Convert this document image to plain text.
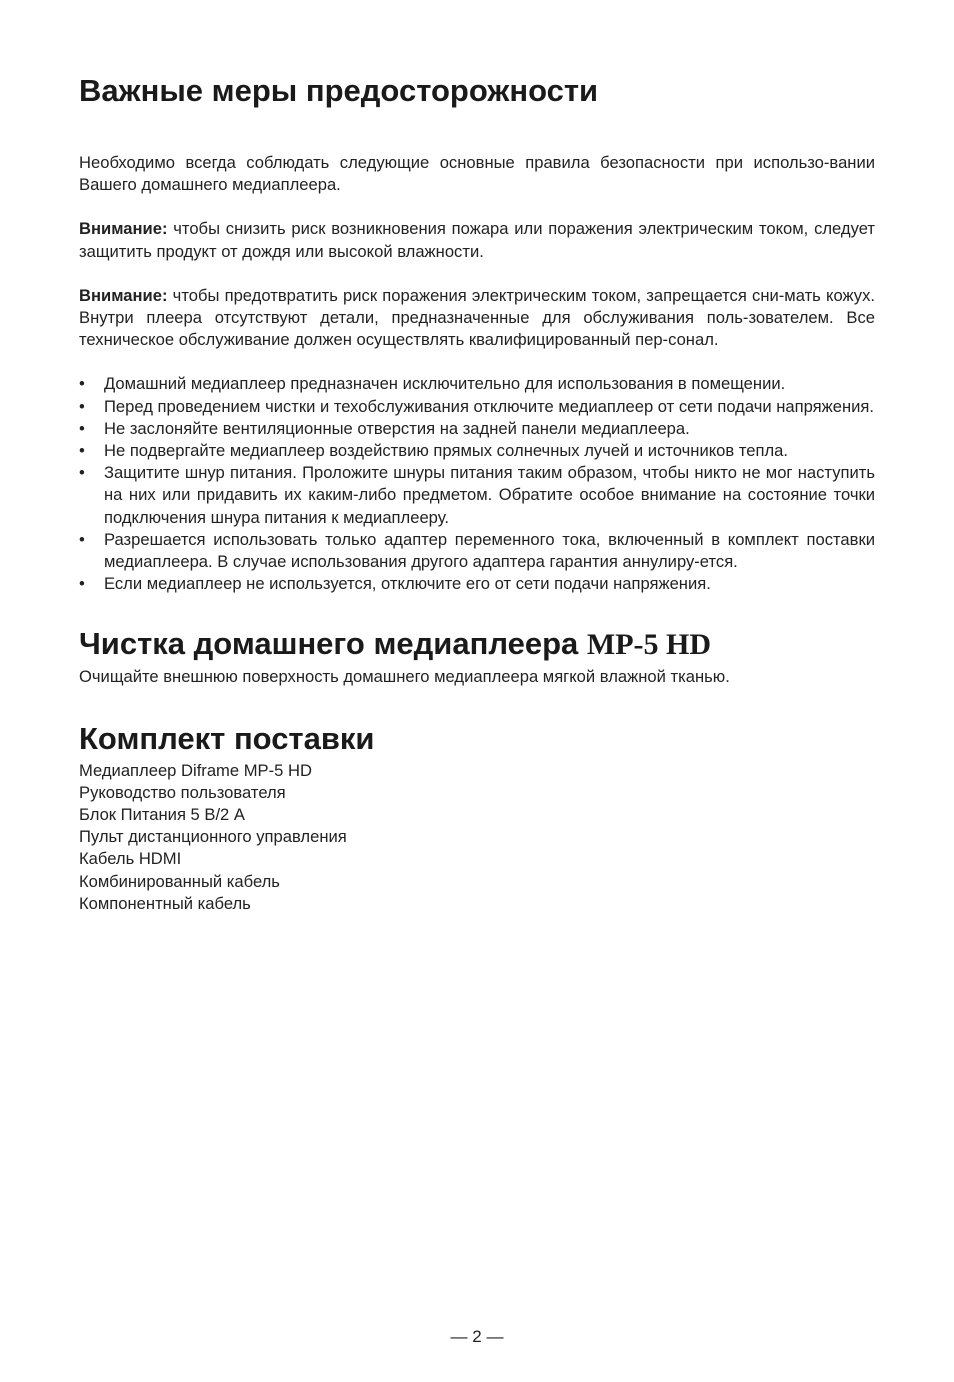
Важные меры предосторожности

Необходимо всегда соблюдать следующие основные правила безопасности при использо-вании Вашего домашнего медиаплеера.

Внимание: чтобы снизить риск возникновения пожара или поражения электрическим током, следует защитить продукт от дождя или высокой влажности.

Внимание: чтобы предотвратить риск поражения электрическим током, запрещается сни-мать кожух. Внутри плеера отсутствуют детали, предназначенные для обслуживания поль-зователем. Все техническое обслуживание должен осуществлять квалифицированный пер-сонал.

• Домашний медиаплеер предназначен исключительно для использования в помещении.
• Перед проведением чистки и техобслуживания отключите медиаплеер от сети подачи напряжения.
• Не заслоняйте вентиляционные отверстия на задней панели медиаплеера.
• Не подвергайте медиаплеер воздействию прямых солнечных лучей и источников тепла.
• Защитите шнур питания. Проложите шнуры питания таким образом, чтобы никто не мог наступить на них или придавить их каким-либо предметом. Обратите особое внимание на состояние точки подключения шнура питания к медиаплееру.
• Разрешается использовать только адаптер переменного тока, включенный в комплект поставки медиаплеера. В случае использования другого адаптера гарантия аннулиру-ется.
• Если медиаплеер не используется, отключите его от сети подачи напряжения.
Чистка домашнего медиаплеера MP-5 HD

Очищайте внешнюю поверхность домашнего медиаплеера мягкой влажной тканью.

Комплект поставки
Медиаплеер Diframe MP-5 HD
Руководство пользователя
Блок Питания 5 В/2 А
Пульт дистанционного управления
Кабель HDMI
Комбинированный кабель
Компонентный кабель
— 2 —
